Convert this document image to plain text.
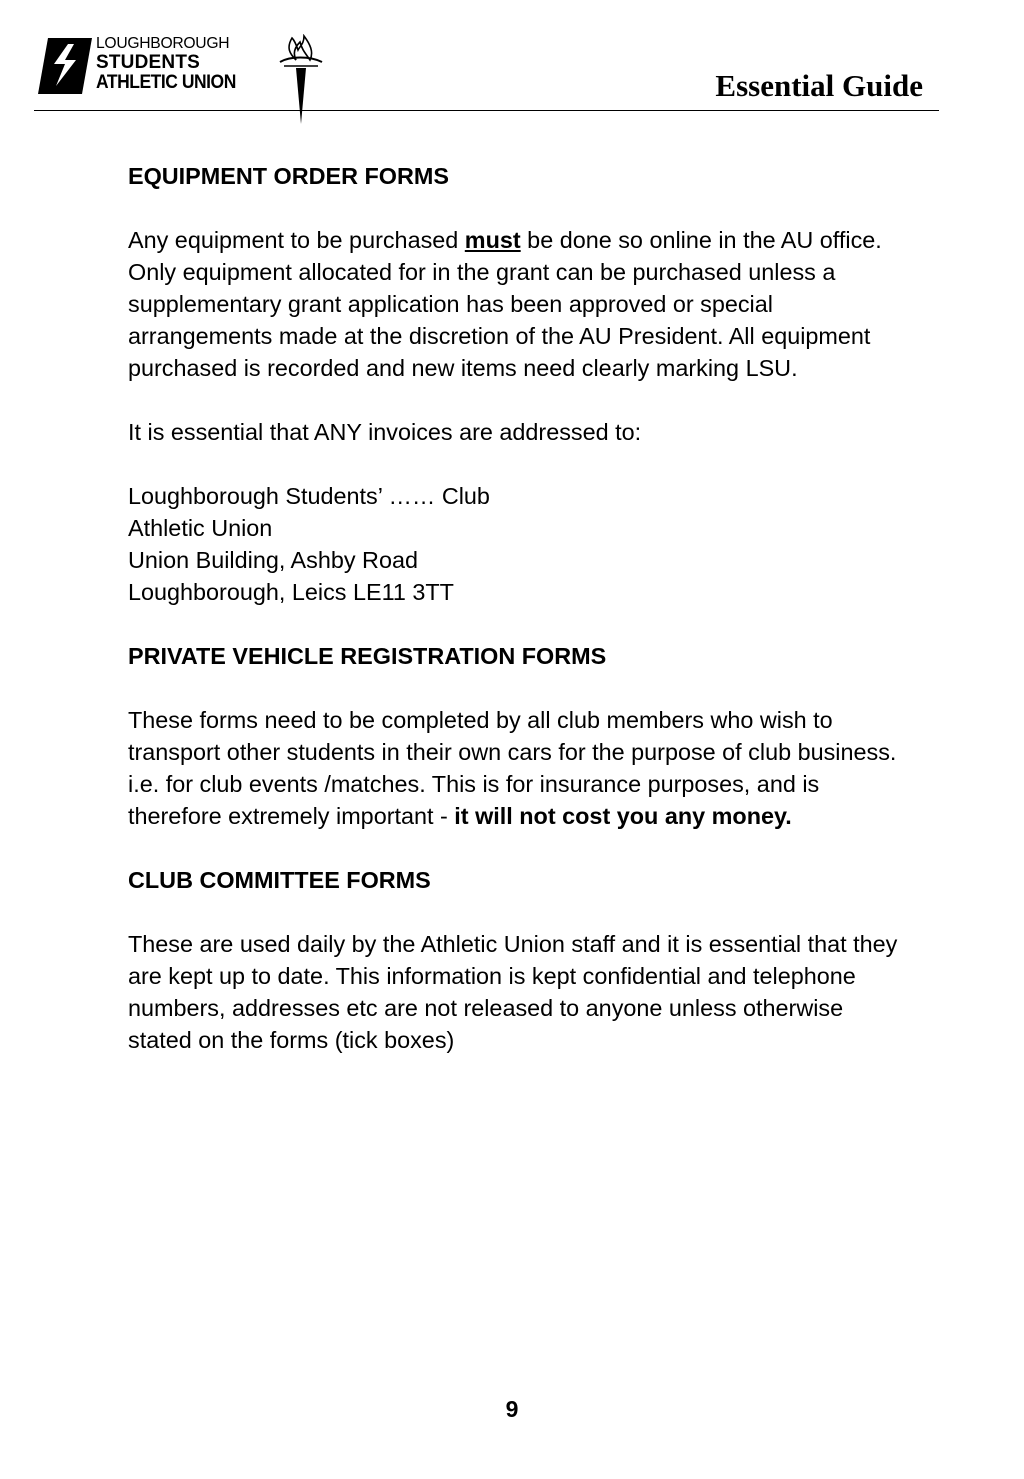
LOUGHBOROUGH
STUDENTS
ATHLETIC UNION	Essential Guide

EQUIPMENT ORDER FORMS

Any equipment to be purchased must be done so online in the AU office. Only equipment allocated for in the grant can be purchased unless a supplementary grant application has been approved or special arrangements made at the discretion of the AU President. All equipment purchased is recorded and new items need clearly marking LSU.

It is essential that ANY invoices are addressed to:

Loughborough Students’ …… Club
Athletic Union
Union Building, Ashby Road
Loughborough, Leics LE11 3TT

PRIVATE VEHICLE REGISTRATION FORMS

These forms need to be completed by all club members who wish to transport other students in their own cars for the purpose of club business. i.e. for club events /matches. This is for insurance purposes, and is therefore extremely important - it will not cost you any money.

CLUB COMMITTEE FORMS

These are used daily by the Athletic Union staff and it is essential that they are kept up to date. This information is kept confidential and telephone numbers, addresses etc are not released to anyone unless otherwise stated on the forms (tick boxes)

9
